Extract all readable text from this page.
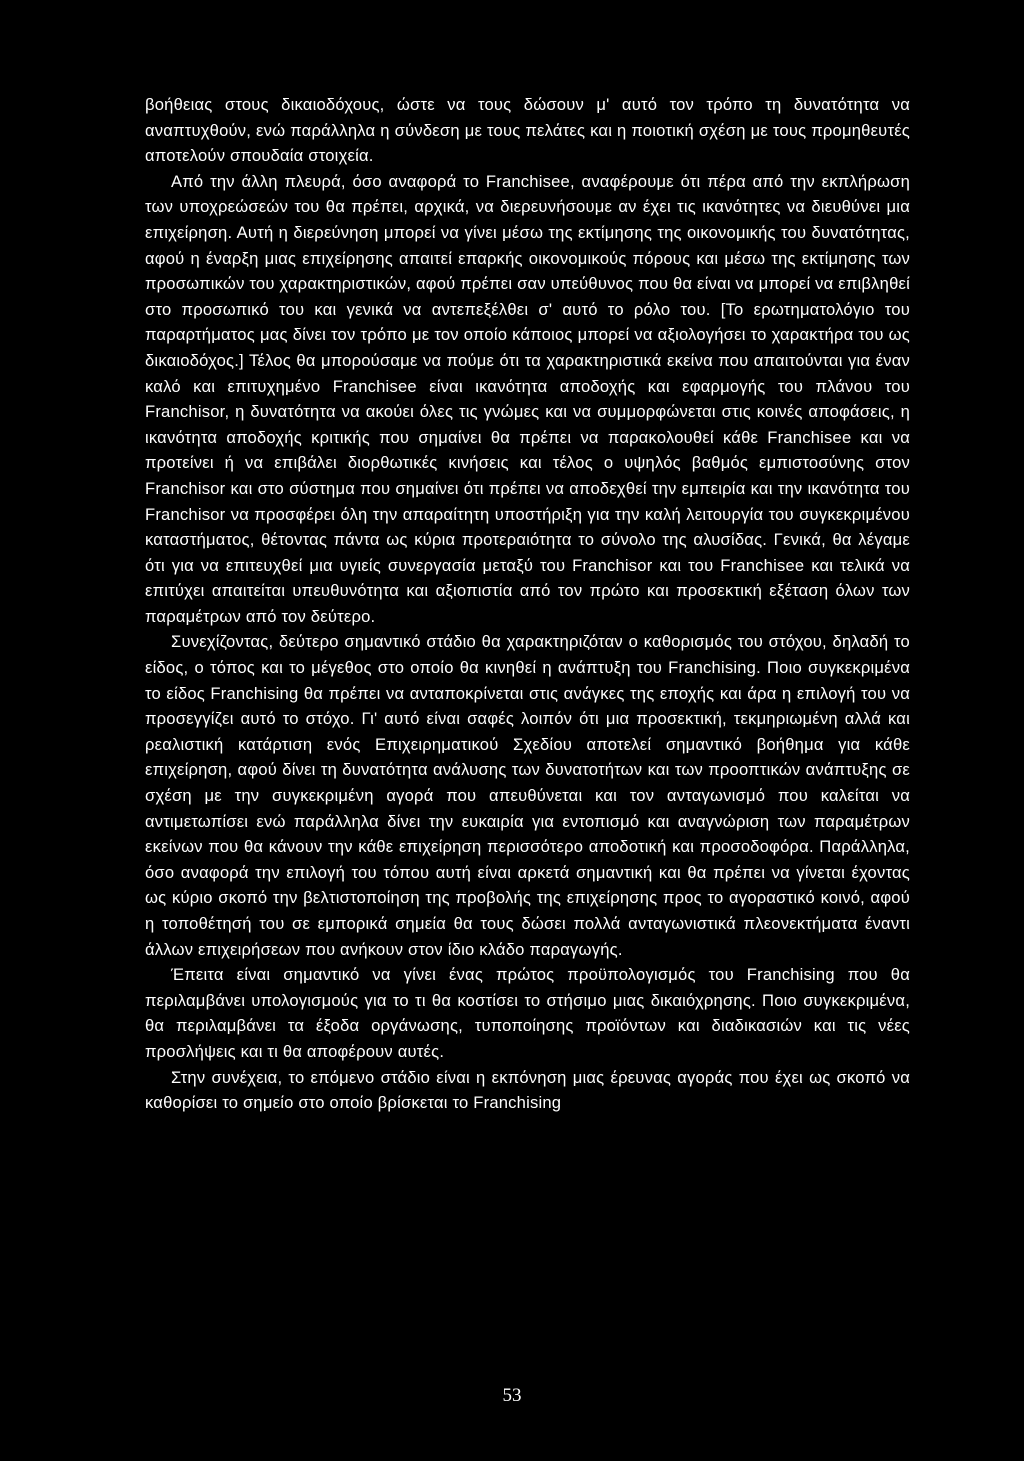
βοήθειας στους δικαιοδόχους, ώστε να τους δώσουν μ' αυτό τον τρόπο τη δυνατότητα να αναπτυχθούν, ενώ παράλληλα η σύνδεση με τους πελάτες και η ποιοτική σχέση με τους προμηθευτές αποτελούν σπουδαία στοιχεία.

Από την άλλη πλευρά, όσο αναφορά το Franchisee, αναφέρουμε ότι πέρα από την εκπλήρωση των υποχρεώσεών του θα πρέπει, αρχικά, να διερευνήσουμε αν έχει τις ικανότητες να διευθύνει μια επιχείρηση. Αυτή η διερεύνηση μπορεί να γίνει μέσω της εκτίμησης της οικονομικής του δυνατότητας, αφού η έναρξη μιας επιχείρησης απαιτεί επαρκής οικονομικούς πόρους και μέσω της εκτίμησης των προσωπικών του χαρακτηριστικών, αφού πρέπει σαν υπεύθυνος που θα είναι να μπορεί να επιβληθεί στο προσωπικό του και γενικά να αντεπεξέλθει σ' αυτό το ρόλο του. [Το ερωτηματολόγιο του παραρτήματος μας δίνει τον τρόπο με τον οποίο κάποιος μπορεί να αξιολογήσει το χαρακτήρα του ως δικαιοδόχος.] Τέλος θα μπορούσαμε να πούμε ότι τα χαρακτηριστικά εκείνα που απαιτούνται για έναν καλό και επιτυχημένο Franchisee είναι ικανότητα αποδοχής και εφαρμογής του πλάνου του Franchisor, η δυνατότητα να ακούει όλες τις γνώμες και να συμμορφώνεται στις κοινές αποφάσεις, η ικανότητα αποδοχής κριτικής που σημαίνει θα πρέπει να παρακολουθεί κάθε Franchisee και να προτείνει ή να επιβάλει διορθωτικές κινήσεις και τέλος ο υψηλός βαθμός εμπιστοσύνης στον Franchisor και στο σύστημα που σημαίνει ότι πρέπει να αποδεχθεί την εμπειρία και την ικανότητα του Franchisor να προσφέρει όλη την απαραίτητη υποστήριξη για την καλή λειτουργία του συγκεκριμένου καταστήματος, θέτοντας πάντα ως κύρια προτεραιότητα το σύνολο της αλυσίδας. Γενικά, θα λέγαμε ότι για να επιτευχθεί μια υγιείς συνεργασία μεταξύ του Franchisor και του Franchisee και τελικά να επιτύχει απαιτείται υπευθυνότητα και αξιοπιστία από τον πρώτο και προσεκτική εξέταση όλων των παραμέτρων από τον δεύτερο.

Συνεχίζοντας, δεύτερο σημαντικό στάδιο θα χαρακτηριζόταν ο καθορισμός του στόχου, δηλαδή το είδος, ο τόπος και το μέγεθος στο οποίο θα κινηθεί η ανάπτυξη του Franchising. Ποιο συγκεκριμένα το είδος Franchising θα πρέπει να ανταποκρίνεται στις ανάγκες της εποχής και άρα η επιλογή του να προσεγγίζει αυτό το στόχο. Γι' αυτό είναι σαφές λοιπόν ότι μια προσεκτική, τεκμηριωμένη αλλά και ρεαλιστική κατάρτιση ενός Επιχειρηματικού Σχεδίου αποτελεί σημαντικό βοήθημα για κάθε επιχείρηση, αφού δίνει τη δυνατότητα ανάλυσης των δυνατοτήτων και των προοπτικών ανάπτυξης σε σχέση με την συγκεκριμένη αγορά που απευθύνεται και τον ανταγωνισμό που καλείται να αντιμετωπίσει ενώ παράλληλα δίνει την ευκαιρία για εντοπισμό και αναγνώριση των παραμέτρων εκείνων που θα κάνουν την κάθε επιχείρηση περισσότερο αποδοτική και προσοδοφόρα. Παράλληλα, όσο αναφορά την επιλογή του τόπου αυτή είναι αρκετά σημαντική και θα πρέπει να γίνεται έχοντας ως κύριο σκοπό την βελτιστοποίηση της προβολής της επιχείρησης προς το αγοραστικό κοινό, αφού η τοποθέτησή του σε εμπορικά σημεία θα τους δώσει πολλά ανταγωνιστικά πλεονεκτήματα έναντι άλλων επιχειρήσεων που ανήκουν στον ίδιο κλάδο παραγωγής.

Έπειτα είναι σημαντικό να γίνει ένας πρώτος προϋπολογισμός του Franchising που θα περιλαμβάνει υπολογισμούς για το τι θα κοστίσει το στήσιμο μιας δικαιόχρησης. Ποιο συγκεκριμένα, θα περιλαμβάνει τα έξοδα οργάνωσης, τυποποίησης προϊόντων και διαδικασιών και τις νέες προσλήψεις και τι θα αποφέρουν αυτές.

Στην συνέχεια, το επόμενο στάδιο είναι η εκπόνηση μιας έρευνας αγοράς που έχει ως σκοπό να καθορίσει το σημείο στο οποίο βρίσκεται το Franchising

53
